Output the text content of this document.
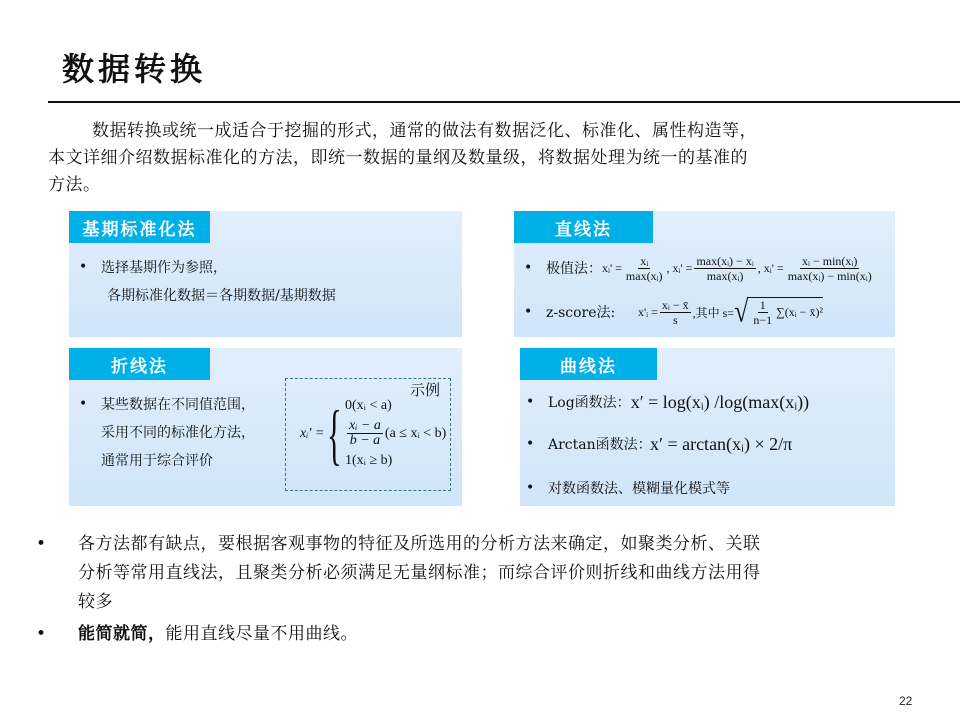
数据转换
数据转换或统一成适合于挖掘的形式，通常的做法有数据泛化、标准化、属性构造等，
本文详细介绍数据标准化的方法，即统一数据的量纲及数量级，将数据处理为统一的基准的
方法。
基期标准化法
• 选择基期作为参照，
各期标准化数据＝各期数据/基期数据
直线法
• 极值法： xᵢ' = $\frac{\text{xᵢ}}{\text{max(xᵢ)}}$ , xᵢ' = $\frac{\text{max(xᵢ) − xᵢ}}{\text{max(xᵢ)}}$ , xᵢ' = $\frac{\text{xᵢ − min(xᵢ)}}{\text{max(xᵢ) − min(xᵢ)}}$
• z-score法:	x'ᵢ = $\frac{\text{xᵢ − x̄}}{s}$ ,其中 s= √ $\frac{1}{n-1}$ ∑(xᵢ − x̄)²
折线法
• 某些数据在不同值范围，
采用不同的标准化方法，
通常用于综合评价
示例
xᵢ' = { 0(xᵢ < a)
$\frac{\text{xᵢ − a}}{b - a} (a$ ≤ xᵢ < b)
1(xᵢ ≥ b)
曲线法
• Log函数法： x′ = log(xᵢ) /log(max(xᵢ))
• Arctan函数法：
x′ = arctan(xᵢ) × 2/π
• 对数函数法、模糊量化模式等
•	各方法都有缺点，要根据客观事物的特征及所选用的分析方法来确定，如聚类分析、关联
分析等常用直线法，且聚类分析必须满足无量纲标准；而综合评价则折线和曲线方法用得
较多
•	能简就简，能用直线尽量不用曲线。
22
